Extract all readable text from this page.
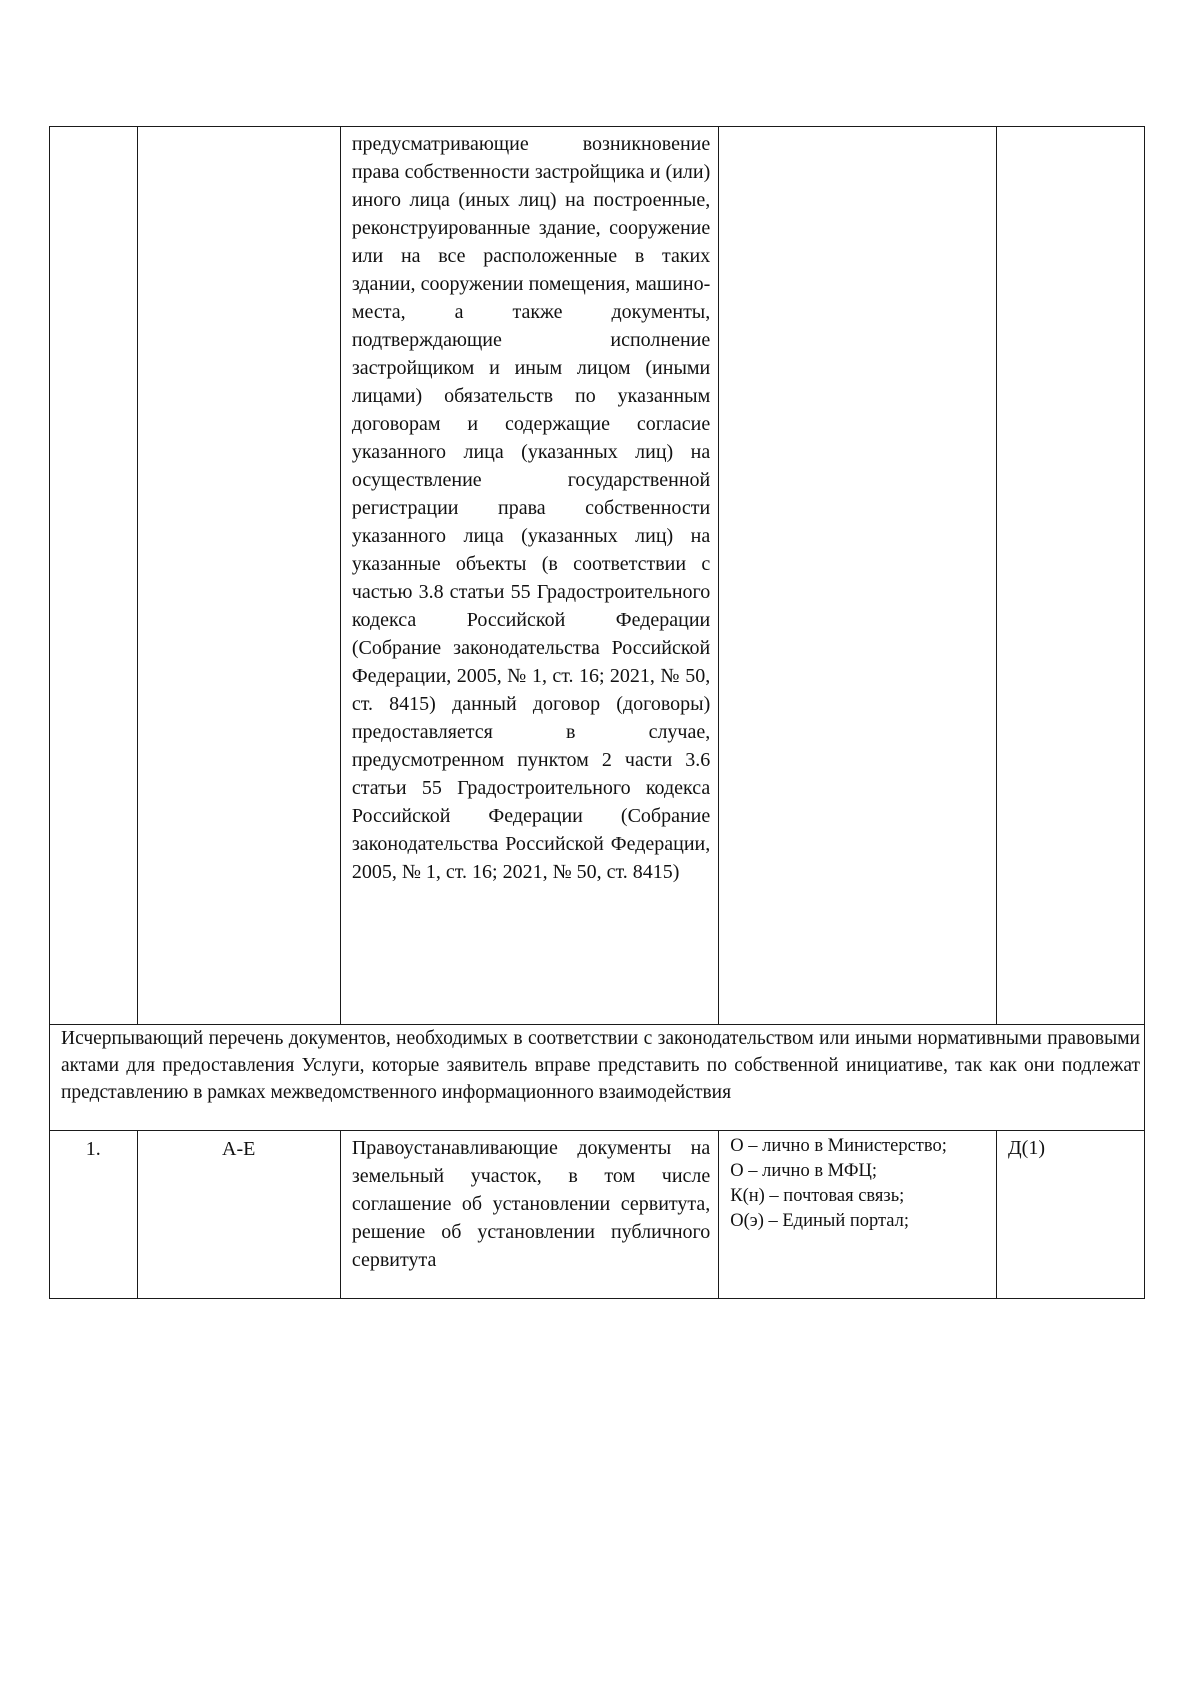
		предусматривающие возникновение права собственности застройщика и (или) иного лица (иных лиц) на построенные, реконструированные здание, сооружение или на все расположенные в таких здании, сооружении помещения, машино-места, а также документы, подтверждающие исполнение застройщиком и иным лицом (иными лицами) обязательств по указанным договорам и содержащие согласие указанного лица (указанных лиц) на осуществление государственной регистрации права собственности указанного лица (указанных лиц) на указанные объекты (в соответствии с частью 3.8 статьи 55 Градостроительного кодекса Российской Федерации (Собрание законодательства Российской Федерации, 2005, № 1, ст. 16; 2021, № 50, ст. 8415) данный договор (договоры) предоставляется в случае, предусмотренном пунктом 2 части 3.6 статьи 55 Градостроительного кодекса Российской Федерации (Собрание законодательства Российской Федерации, 2005, № 1, ст. 16; 2021, № 50, ст. 8415)		

Исчерпывающий перечень документов, необходимых в соответствии с законодательством или иными нормативными правовыми актами для предоставления Услуги, которые заявитель вправе представить по собственной инициативе, так как они подлежат представлению в рамках межведомственного информационного взаимодействия				

1.	А-Е	Правоустанавливающие документы на земельный участок, в том числе соглашение об установлении сервитута, решение об установлении публичного сервитута	О – лично в Министерство;
О – лично в МФЦ;
К(н) – почтовая связь;
О(э) – Единый портал;	Д(1)
